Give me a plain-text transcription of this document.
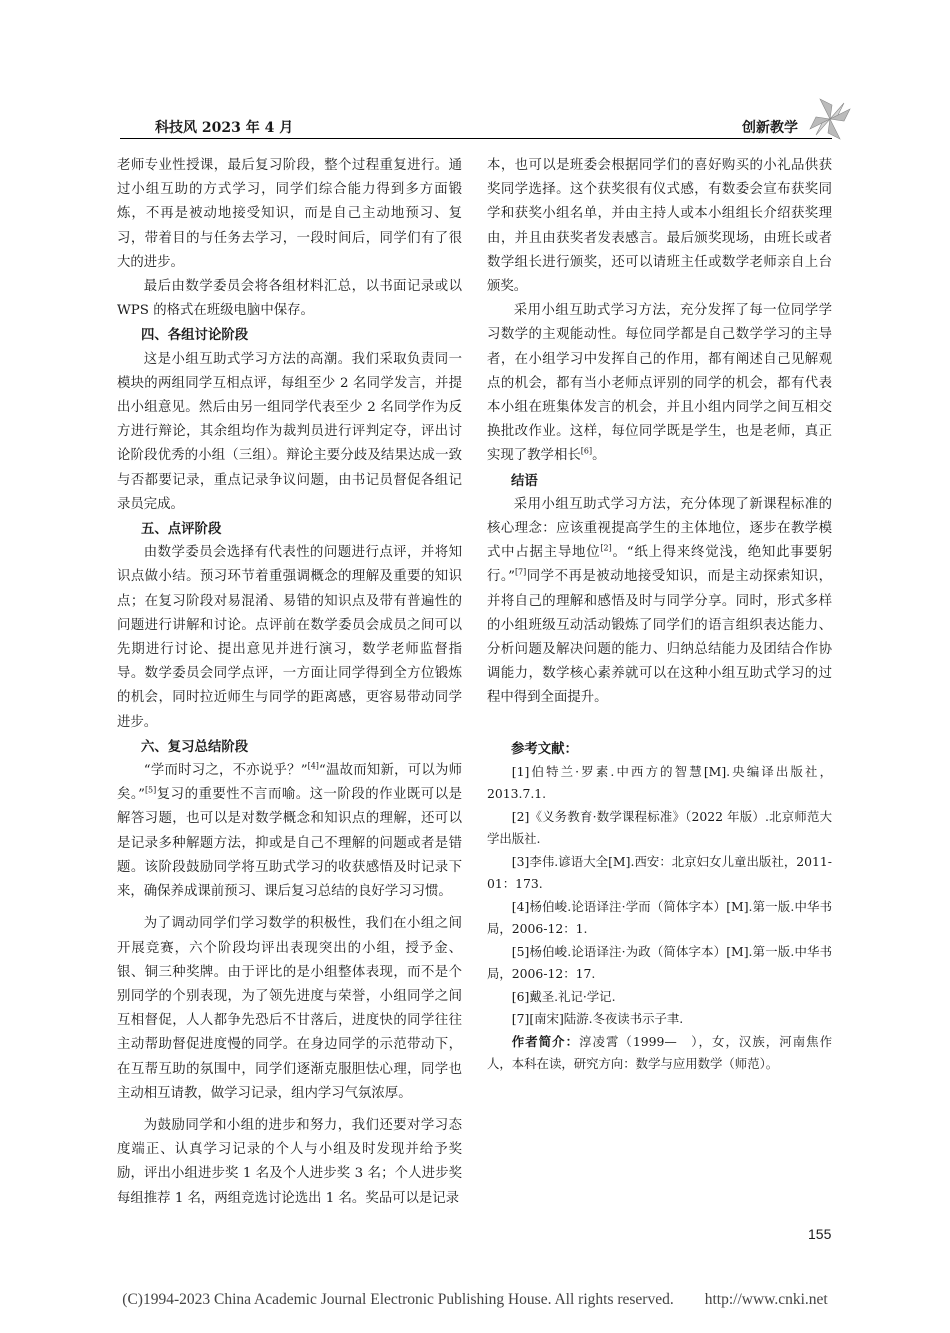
科技风 2023 年 4 月	创新教学

老师专业性授课，最后复习阶段，整个过程重复进行。通过小组互助的方式学习，同学们综合能力得到多方面锻炼，不再是被动地接受知识，而是自己主动地预习、复习，带着目的与任务去学习，一段时间后，同学们有了很大的进步。

最后由数学委员会将各组材料汇总，以书面记录或以 WPS 的格式在班级电脑中保存。

四、各组讨论阶段

这是小组互助式学习方法的高潮。我们采取负责同一模块的两组同学互相点评，每组至少 2 名同学发言，并提出小组意见。然后由另一组同学代表至少 2 名同学作为反方进行辩论，其余组均作为裁判员进行评判定夺，评出讨论阶段优秀的小组（三组）。辩论主要分歧及结果达成一致与否都要记录，重点记录争议问题，由书记员督促各组记录员完成。

五、点评阶段

由数学委员会选择有代表性的问题进行点评，并将知识点做小结。预习环节着重强调概念的理解及重要的知识点；在复习阶段对易混淆、易错的知识点及带有普遍性的问题进行讲解和讨论。点评前在数学委员会成员之间可以先期进行讨论、提出意见并进行演习，数学老师监督指导。数学委员会同学点评，一方面让同学得到全方位锻炼的机会，同时拉近师生与同学的距离感，更容易带动同学进步。

六、复习总结阶段

“学而时习之，不亦说乎？”[4]“温故而知新，可以为师矣。”[5]复习的重要性不言而喻。这一阶段的作业既可以是解答习题，也可以是对数学概念和知识点的理解，还可以是记录多种解题方法，抑或是自己不理解的问题或者是错题。该阶段鼓励同学将互助式学习的收获感悟及时记录下来，确保养成课前预习、课后复习总结的良好学习习惯。

为了调动同学们学习数学的积极性，我们在小组之间开展竞赛，六个阶段均评出表现突出的小组，授予金、银、铜三种奖牌。由于评比的是小组整体表现，而不是个别同学的个别表现，为了领先进度与荣誉，小组同学之间互相督促，人人都争先恐后不甘落后，进度快的同学往往主动帮助督促进度慢的同学。在身边同学的示范带动下，在互帮互助的氛围中，同学们逐渐克服胆怯心理，同学也主动相互请教，做学习记录，组内学习气氛浓厚。

为鼓励同学和小组的进步和努力，我们还要对学习态度端正、认真学习记录的个人与小组及时发现并给予奖励，评出小组进步奖 1 名及个人进步奖 3 名；个人进步奖每组推荐 1 名，两组竞选讨论选出 1 名。奖品可以是记录

本，也可以是班委会根据同学们的喜好购买的小礼品供获奖同学选择。这个获奖很有仪式感，有数委会宣布获奖同学和获奖小组名单，并由主持人或本小组组长介绍获奖理由，并且由获奖者发表感言。最后颁奖现场，由班长或者数学组长进行颁奖，还可以请班主任或数学老师亲自上台颁奖。

采用小组互助式学习方法，充分发挥了每一位同学学习数学的主观能动性。每位同学都是自己数学学习的主导者，在小组学习中发挥自己的作用，都有阐述自己见解观点的机会，都有当小老师点评别的同学的机会，都有代表本小组在班集体发言的机会，并且小组内同学之间互相交换批改作业。这样，每位同学既是学生，也是老师，真正实现了教学相长[6]。

结语

采用小组互助式学习方法，充分体现了新课程标准的核心理念：应该重视提高学生的主体地位，逐步在教学模式中占据主导地位[2]。“纸上得来终觉浅，绝知此事要躬行。”[7]同学不再是被动地接受知识，而是主动探索知识，并将自己的理解和感悟及时与同学分享。同时，形式多样的小组班级互动活动锻炼了同学们的语言组织表达能力、分析问题及解决问题的能力、归纳总结能力及团结合作协调能力，数学核心素养就可以在这种小组互助式学习的过程中得到全面提升。

参考文献：

[1]伯特兰·罗素.中西方的智慧[M].央编译出版社，2013.7.1.

[2]《义务教育·数学课程标准》（2022 年版）.北京师范大学出版社.

[3]李伟.谚语大全[M].西安：北京妇女儿童出版社，2011-01：173.

[4]杨伯峻.论语译注·学而（简体字本）[M].第一版.中华书局，2006-12：1.

[5]杨伯峻.论语译注·为政（简体字本）[M].第一版.中华书局，2006-12：17.

[6]戴圣.礼记·学记.

[7][南宋]陆游.冬夜读书示子聿.

作者简介：淳凌霄（1999—　），女，汉族，河南焦作人，本科在读，研究方向：数学与应用数学（师范）。

155
(C)1994-2023 China Academic Journal Electronic Publishing House. All rights reserved.　　http://www.cnki.net
